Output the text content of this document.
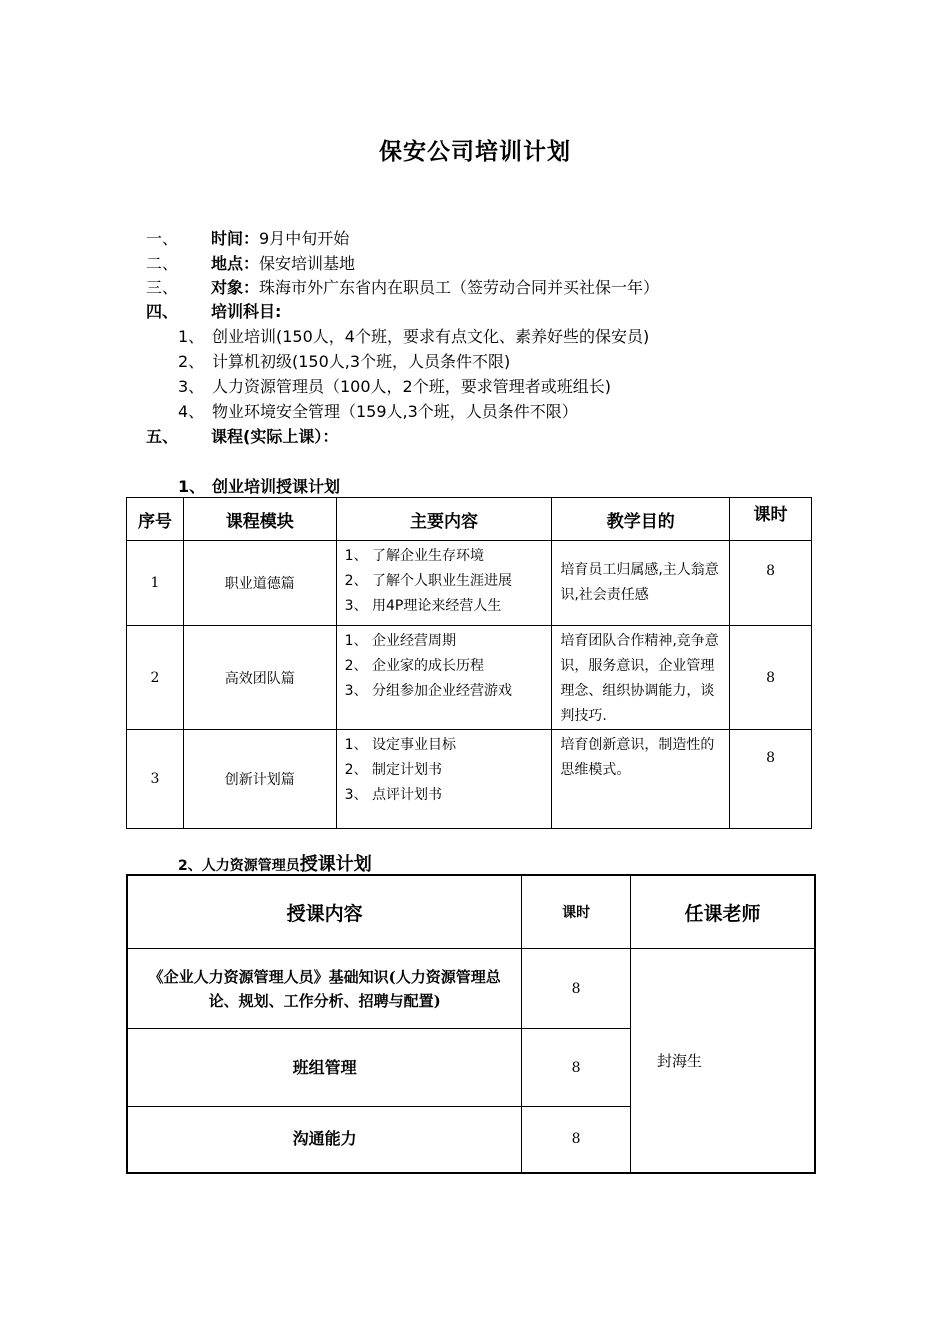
保安公司培训计划
一、 时间：9月中旬开始
二、 地点：保安培训基地
三、 对象：珠海市外广东省内在职员工（签劳动合同并买社保一年）
四、 培训科目:
1、 创业培训(150人，4个班，要求有点文化、素养好些的保安员)
2、 计算机初级(150人,3个班，人员条件不限)
3、 人力资源管理员（100人，2个班，要求管理者或班组长)
4、 物业环境安全管理（159人,3个班，人员条件不限）
五、 课程(实际上课）：
1、 创业培训授课计划
序号	课程模块	主要内容	教学目的	课时
1	职业道德篇	1、 了解企业生存环境
2、 了解个人职业生涯进展
3、 用4P理论来经营人生	培育员工归属感,主人翁意识,社会责任感	8
2	高效团队篇	1、 企业经营周期
2、 企业家的成长历程
3、 分组参加企业经营游戏	培育团队合作精神,竞争意识，服务意识，企业管理理念、组织协调能力，谈判技巧.	8
3	创新计划篇	1、 设定事业目标
2、 制定计划书
3、 点评计划书	培育创新意识，制造性的思维模式。	8
2、人力资源管理员授课计划
授课内容	课时	任课老师
《企业人力资源管理人员》基础知识(人力资源管理总论、规划、工作分析、招聘与配置)	8	封海生
班组管理	8	
沟通能力	8	
